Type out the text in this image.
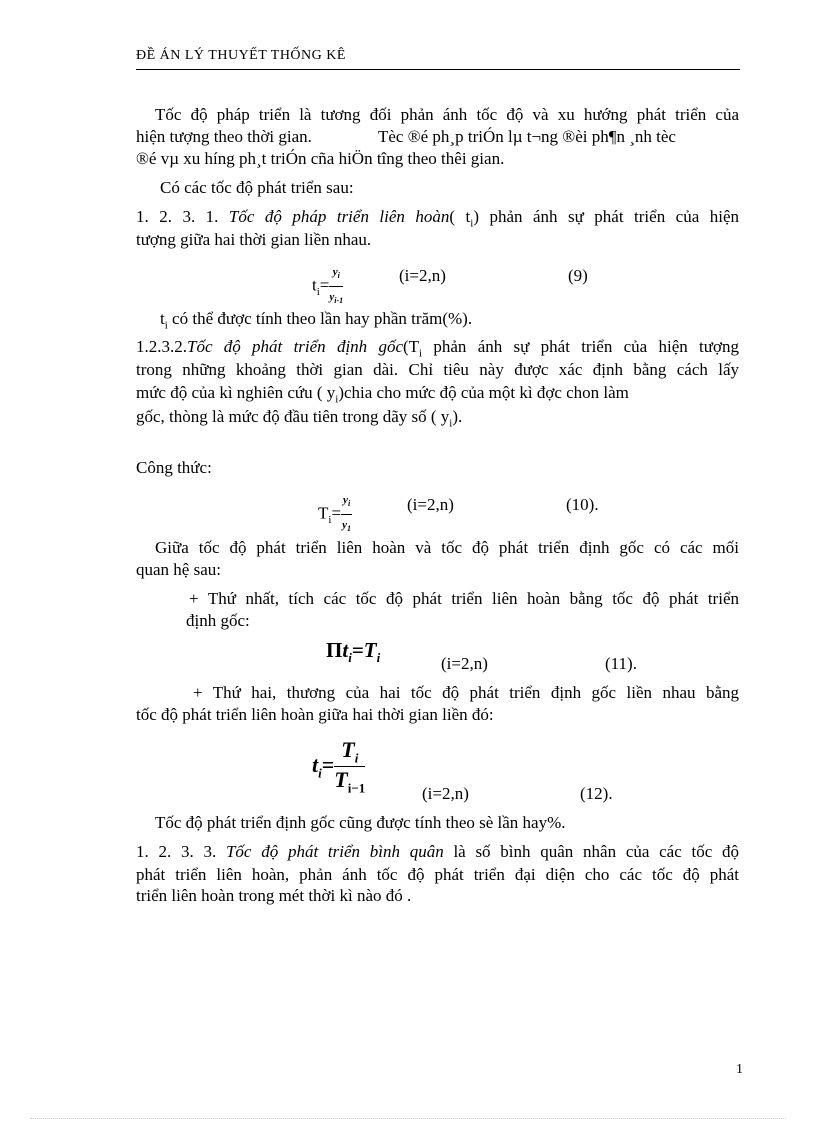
ĐỀ ÁN LÝ THUYẾT THỐNG KÊ
Tốc độ pháp triển là tương đối phản ánh tốc độ và xu hướng phát triển của
hiện tượng theo thời gian.	Tèc ®é ph¸p triÓn lµ t¬ng ®èi ph¶n ¸nh tèc
®é vµ xu híng ph¸t triÓn cña hiÖn tîng theo thêi gian.
Có các tốc độ phát triển sau:
1. 2. 3. 1. Tốc độ pháp triển liên hoàn( $t_i$) phản ánh sự phát triển của hiện
tượng giữa hai thời gian liền nhau.
$t_i= \frac{y_i}{y_{i-1}}$	(i=2,n)	(9)
$t_i$ có thể được tính theo lần hay phần trăm(%).
1.2.3.2.Tốc độ phát triển định $gốc(T_i$ phản ánh sự phát triển của hiện tượng
trong những khoảng thời gian dài. Chỉ tiêu này được xác định bằng cách lấy
mức độ của kì nghiên cứu ( $y_i)chia$ cho mức độ của một kì đợc chon làm
gốc, thòng là mức độ đầu tiên trong dãy số ( $y_i$).
Công thức:
$T_i= \frac{y_i}{y_1}$	(i=2,n)	(10).
Giữa tốc độ phát triển liên hoàn và tốc độ phát triển định gốc có các mối
quan hệ sau:
+ Thứ nhất, tích các tốc độ phát triển liên hoàn bằng tốc độ phát triển
định gốc:
$\Pi t_i=T_i$	(i=2,n)	(11).
+ Thứ hai, thương của hai tốc độ phát triển định gốc liền nhau bằng
tốc độ phát triển liên hoàn giữa hai thời gian liền đó:
$t_i= \frac{T_i}{T_{i-1}}$	(i=2,n)	(12).
Tốc độ phát triển định gốc cũng được tính theo sè lần hay%.
1. 2. 3. 3. Tốc độ phát triển bình quân là số bình quân nhân của các tốc độ
phát triển liên hoàn, phản ánh tốc độ phát triển đại diện cho các tốc độ phát
triển liên hoàn trong mét thời kì nào đó .
1
